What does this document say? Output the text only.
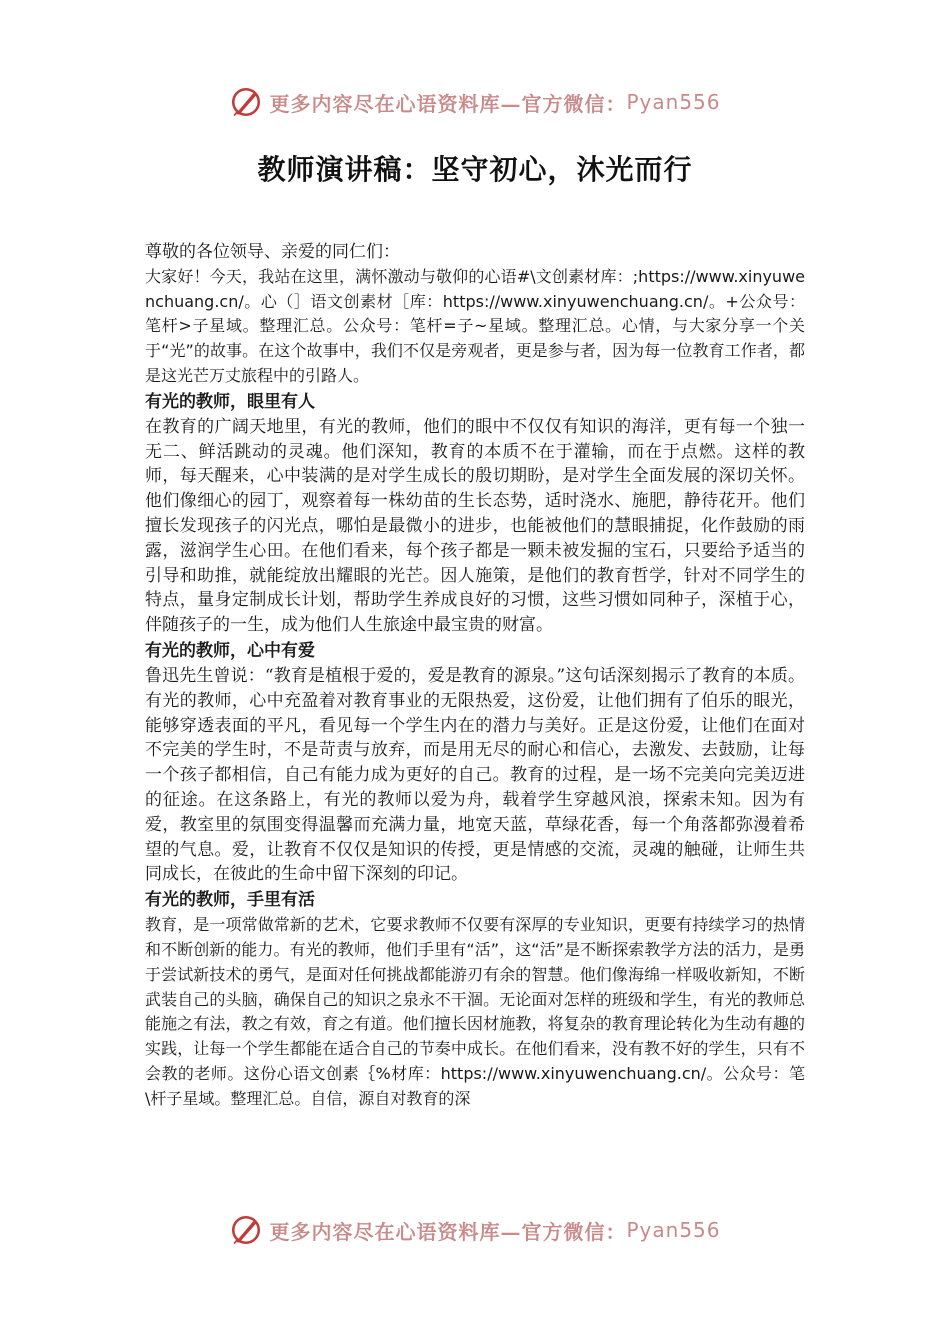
更多内容尽在心语资料库—官方微信： Pyan556
教师演讲稿：坚守初心，沐光而行

尊敬的各位领导、亲爱的同仁们：

大家好！今天，我站在这里，满怀激动与敬仰的心语#\文创素材库：;https://www.xinyuwenchuang.cn/。心（］语文创素材［库：https://www.xinyuwenchuang.cn/。+公众号：笔杆>子星域。整理汇总。公众号：笔杆=子~星域。整理汇总。心情，与大家分享一个关于“光”的故事。在这个故事中，我们不仅是旁观者，更是参与者，因为每一位教育工作者，都是这光芒万丈旅程中的引路人。

有光的教师，眼里有人

在教育的广阔天地里，有光的教师，他们的眼中不仅仅有知识的海洋，更有每一个独一无二、鲜活跳动的灵魂。他们深知，教育的本质不在于灌输，而在于点燃。这样的教师，每天醒来，心中装满的是对学生成长的殷切期盼，是对学生全面发展的深切关怀。他们像细心的园丁，观察着每一株幼苗的生长态势，适时浇水、施肥，静待花开。他们擅长发现孩子的闪光点，哪怕是最微小的进步，也能被他们的慧眼捕捉，化作鼓励的雨露，滋润学生心田。在他们看来，每个孩子都是一颗未被发掘的宝石，只要给予适当的引导和助推，就能绽放出耀眼的光芒。因人施策，是他们的教育哲学，针对不同学生的特点，量身定制成长计划，帮助学生养成良好的习惯，这些习惯如同种子，深植于心，伴随孩子的一生，成为他们人生旅途中最宝贵的财富。

有光的教师，心中有爱

鲁迅先生曾说：“教育是植根于爱的，爱是教育的源泉。”这句话深刻揭示了教育的本质。有光的教师，心中充盈着对教育事业的无限热爱，这份爱，让他们拥有了伯乐的眼光，能够穿透表面的平凡，看见每一个学生内在的潜力与美好。正是这份爱，让他们在面对不完美的学生时，不是苛责与放弃，而是用无尽的耐心和信心，去激发、去鼓励，让每一个孩子都相信，自己有能力成为更好的自己。教育的过程，是一场不完美向完美迈进的征途。在这条路上，有光的教师以爱为舟，载着学生穿越风浪，探索未知。因为有爱，教室里的氛围变得温馨而充满力量，地宽天蓝，草绿花香，每一个角落都弥漫着希望的气息。爱，让教育不仅仅是知识的传授，更是情感的交流，灵魂的触碰，让师生共同成长，在彼此的生命中留下深刻的印记。

有光的教师，手里有活

教育，是一项常做常新的艺术，它要求教师不仅要有深厚的专业知识，更要有持续学习的热情和不断创新的能力。有光的教师，他们手里有“活”，这“活”是不断探索教学方法的活力，是勇于尝试新技术的勇气，是面对任何挑战都能游刃有余的智慧。他们像海绵一样吸收新知，不断武装自己的头脑，确保自己的知识之泉永不干涸。无论面对怎样的班级和学生，有光的教师总能施之有法，教之有效，育之有道。他们擅长因材施教，将复杂的教育理论转化为生动有趣的实践，让每一个学生都能在适合自己的节奏中成长。在他们看来，没有教不好的学生，只有不会教的老师。这份心语文创素｛%材库：https://www.xinyuwenchuang.cn/。公众号：笔\杆子星域。整理汇总。自信，源自对教育的深

更多内容尽在心语资料库—官方微信： Pyan556
